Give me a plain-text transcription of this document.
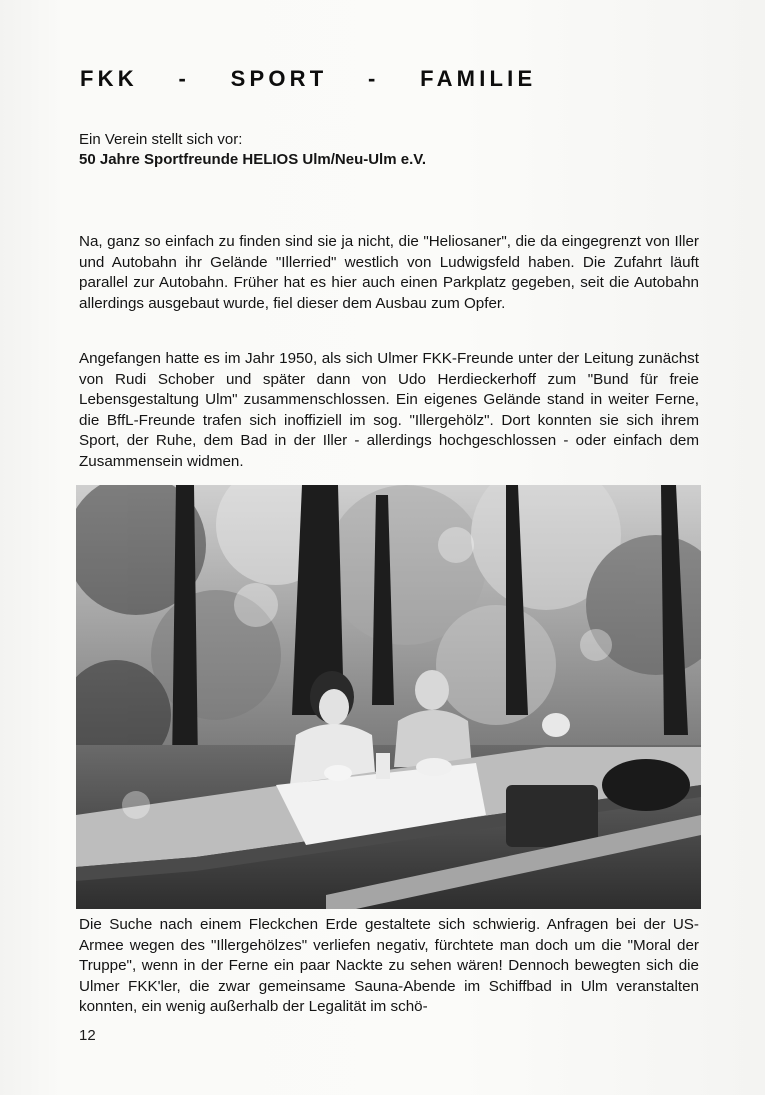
FKK  -  SPORT  -  FAMILIE
Ein Verein stellt sich vor:
50 Jahre Sportfreunde HELIOS Ulm/Neu-Ulm e.V.

Na, ganz so einfach zu finden sind sie ja nicht, die "Heliosaner", die da eingegrenzt von Iller und Autobahn ihr Gelände "Illerried" westlich von Ludwigsfeld haben. Die Zufahrt läuft parallel zur Autobahn. Früher hat es hier auch einen Parkplatz gegeben, seit die Autobahn allerdings ausgebaut wurde, fiel dieser dem Ausbau zum Opfer.

Angefangen hatte es im Jahr 1950, als sich Ulmer FKK-Freunde unter der Leitung zunächst von Rudi Schober und später dann von Udo Herdieckerhoff zum "Bund für freie Lebensgestaltung Ulm" zusammenschlossen. Ein eigenes Gelände stand in weiter Ferne, die BffL-Freunde trafen sich inoffiziell im sog. "Illergehölz". Dort konnten sie sich ihrem Sport, der Ruhe, dem Bad in der Iller - allerdings hochgeschlossen - oder einfach dem Zusammensein widmen.

Die Suche nach einem Fleckchen Erde gestaltete sich schwierig. Anfragen bei der US-Armee wegen des "Illergehölzes" verliefen negativ, fürchtete man doch um die "Moral der Truppe", wenn in der Ferne ein paar Nackte zu sehen wären! Dennoch bewegten sich die Ulmer FKK'ler, die zwar gemeinsame Sauna-Abende im Schiffbad in Ulm veranstalten konnten, ein wenig außerhalb der Legalität im schö-

12
